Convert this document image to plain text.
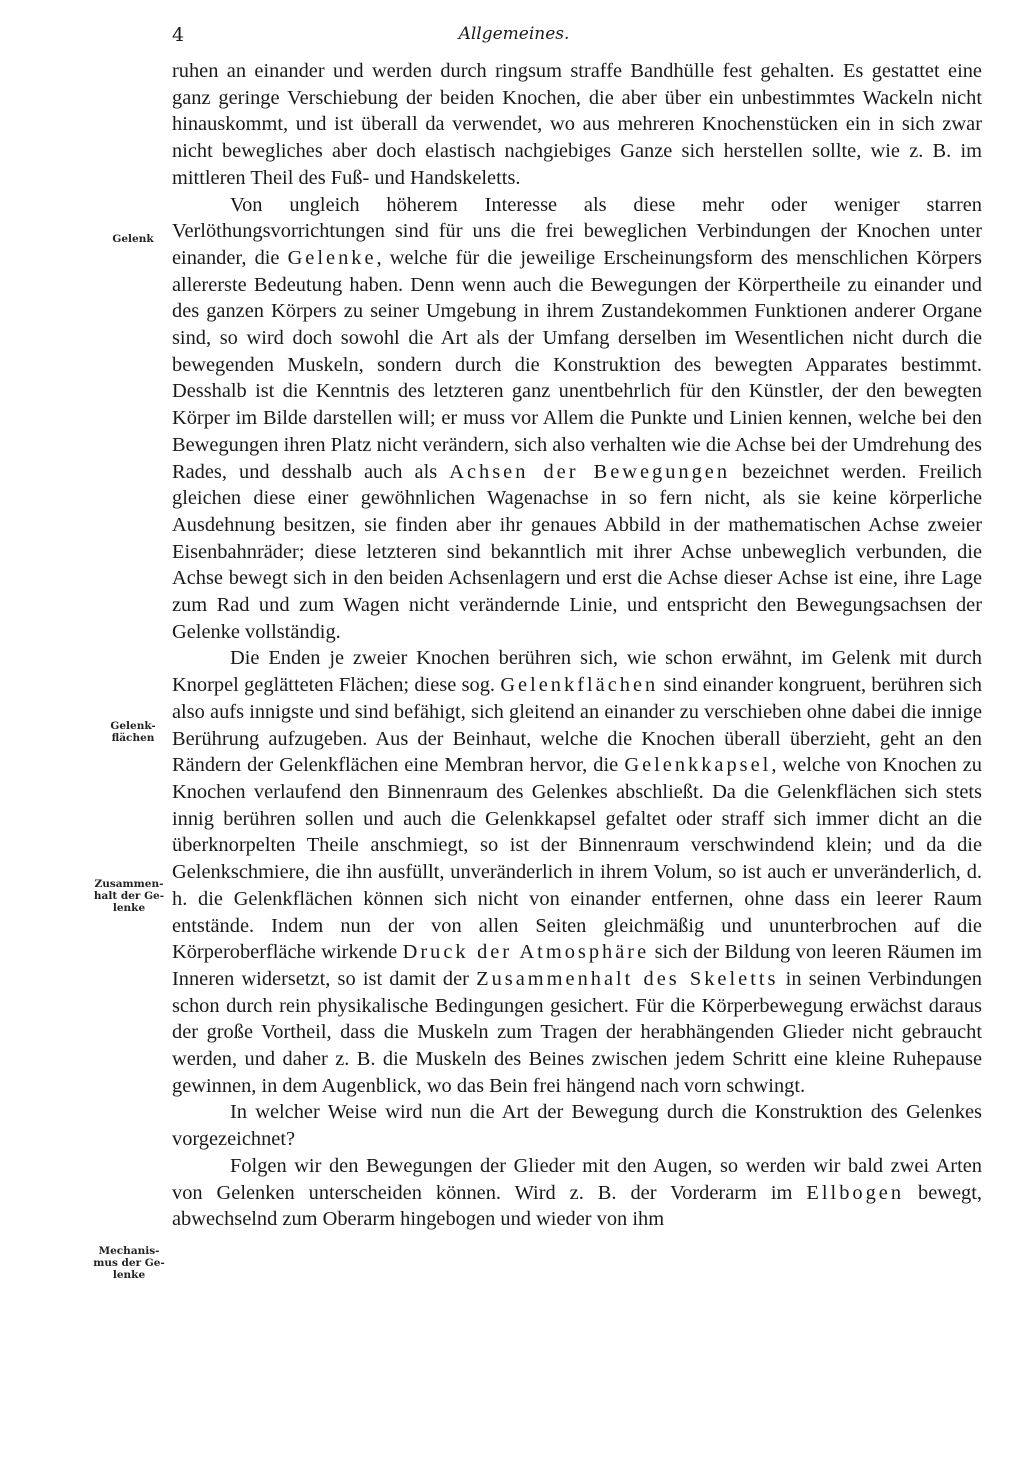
4	Allgemeines.
Gelenk
Gelenk-
flächen
Zusammen-
halt der Ge-
lenke
Mechanis-
mus der Ge-
lenke

ruhen an einander und werden durch ringsum straffe Bandhülle fest gehalten. Es gestattet eine ganz geringe Verschiebung der beiden Knochen, die aber über ein unbestimmtes Wackeln nicht hinauskommt, und ist überall da verwendet, wo aus mehreren Knochenstücken ein in sich zwar nicht bewegliches aber doch elastisch nachgiebiges Ganze sich herstellen sollte, wie z. B. im mittleren Theil des Fuß- und Handskeletts.

Von ungleich höherem Interesse als diese mehr oder weniger starren Verlöthungsvorrichtungen sind für uns die frei beweglichen Verbindungen der Knochen unter einander, die Gelenke, welche für die jeweilige Erscheinungsform des menschlichen Körpers allererste Bedeutung haben. Denn wenn auch die Bewegungen der Körpertheile zu einander und des ganzen Körpers zu seiner Umgebung in ihrem Zustandekommen Funktionen anderer Organe sind, so wird doch sowohl die Art als der Umfang derselben im Wesentlichen nicht durch die bewegenden Muskeln, sondern durch die Konstruktion des bewegten Apparates bestimmt. Desshalb ist die Kenntnis des letzteren ganz unentbehrlich für den Künstler, der den bewegten Körper im Bilde darstellen will; er muss vor Allem die Punkte und Linien kennen, welche bei den Bewegungen ihren Platz nicht verändern, sich also verhalten wie die Achse bei der Umdrehung des Rades, und desshalb auch als Achsen der Bewegungen bezeichnet werden. Freilich gleichen diese einer gewöhnlichen Wagenachse in so fern nicht, als sie keine körperliche Ausdehnung besitzen, sie finden aber ihr genaues Abbild in der mathematischen Achse zweier Eisenbahnräder; diese letzteren sind bekanntlich mit ihrer Achse unbeweglich verbunden, die Achse bewegt sich in den beiden Achsenlagern und erst die Achse dieser Achse ist eine, ihre Lage zum Rad und zum Wagen nicht verändernde Linie, und entspricht den Bewegungsachsen der Gelenke vollständig.

Die Enden je zweier Knochen berühren sich, wie schon erwähnt, im Gelenk mit durch Knorpel geglätteten Flächen; diese sog. Gelenkflächen sind einander kongruent, berühren sich also aufs innigste und sind befähigt, sich gleitend an einander zu verschieben ohne dabei die innige Berührung aufzugeben. Aus der Beinhaut, welche die Knochen überall überzieht, geht an den Rändern der Gelenkflächen eine Membran hervor, die Gelenkkapsel, welche von Knochen zu Knochen verlaufend den Binnenraum des Gelenkes abschließt. Da die Gelenkflächen sich stets innig berühren sollen und auch die Gelenkkapsel gefaltet oder straff sich immer dicht an die überknorpelten Theile anschmiegt, so ist der Binnenraum verschwindend klein; und da die Gelenkschmiere, die ihn ausfüllt, unveränderlich in ihrem Volum, so ist auch er unveränderlich, d. h. die Gelenkflächen können sich nicht von einander entfernen, ohne dass ein leerer Raum entstände. Indem nun der von allen Seiten gleichmäßig und ununterbrochen auf die Körperoberfläche wirkende Druck der Atmosphäre sich der Bildung von leeren Räumen im Inneren widersetzt, so ist damit der Zusammenhalt des Skeletts in seinen Verbindungen schon durch rein physikalische Bedingungen gesichert. Für die Körperbewegung erwächst daraus der große Vortheil, dass die Muskeln zum Tragen der herabhängenden Glieder nicht gebraucht werden, und daher z. B. die Muskeln des Beines zwischen jedem Schritt eine kleine Ruhepause gewinnen, in dem Augenblick, wo das Bein frei hängend nach vorn schwingt.

In welcher Weise wird nun die Art der Bewegung durch die Konstruktion des Gelenkes vorgezeichnet?

Folgen wir den Bewegungen der Glieder mit den Augen, so werden wir bald zwei Arten von Gelenken unterscheiden können. Wird z. B. der Vorderarm im Ellbogen bewegt, abwechselnd zum Oberarm hingebogen und wieder von ihm
